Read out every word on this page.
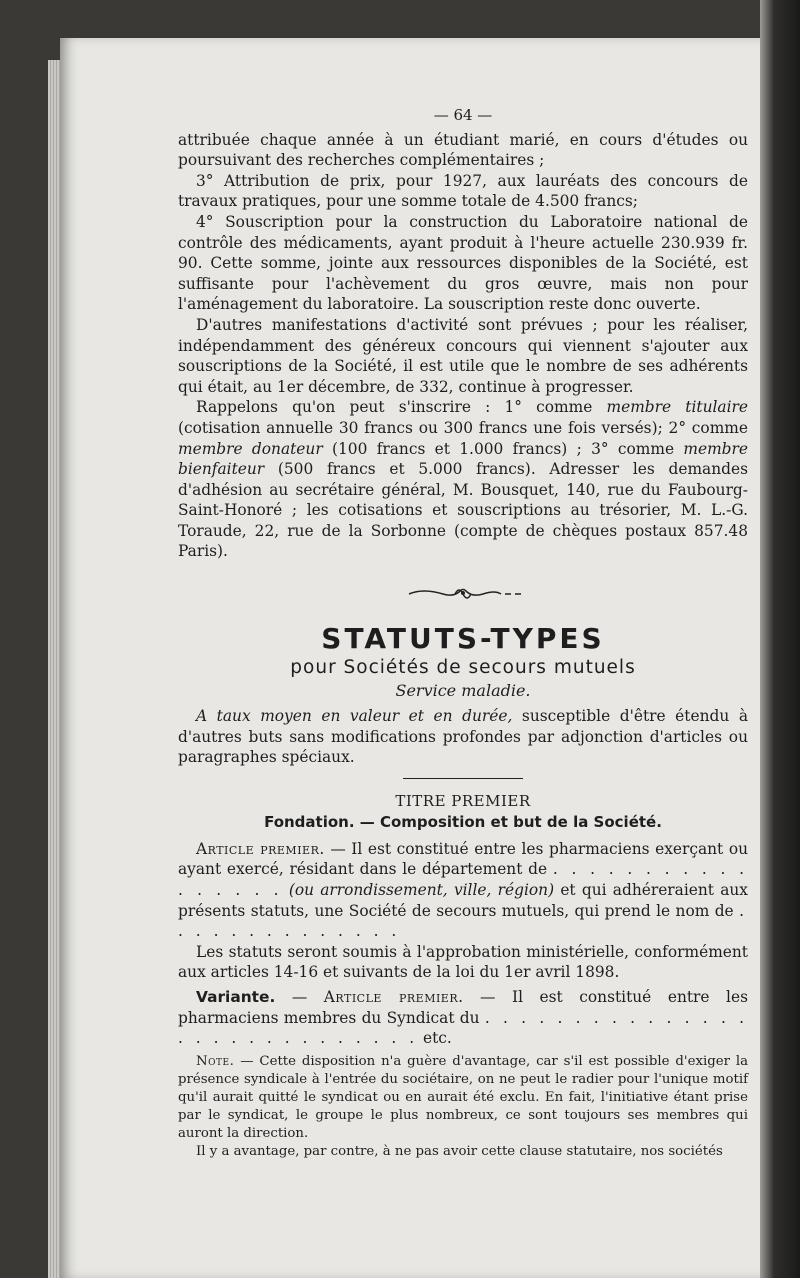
— 64 —

attribuée chaque année à un étudiant marié, en cours d'études ou poursuivant des recherches complémentaires ;

3° Attribution de prix, pour 1927, aux lauréats des concours de travaux pratiques, pour une somme totale de 4.500 francs;

4° Souscription pour la construction du Laboratoire national de contrôle des médicaments, ayant produit à l'heure actuelle 230.939 fr. 90. Cette somme, jointe aux ressources disponibles de la Société, est suffisante pour l'achèvement du gros œuvre, mais non pour l'aménagement du laboratoire. La souscription reste donc ouverte.

D'autres manifestations d'activité sont prévues ; pour les réaliser, indépendamment des généreux concours qui viennent s'ajouter aux souscriptions de la Société, il est utile que le nombre de ses adhérents qui était, au 1er décembre, de 332, continue à progresser.

Rappelons qu'on peut s'inscrire : 1° comme membre titulaire (cotisation annuelle 30 francs ou 300 francs une fois versés); 2° comme membre donateur (100 francs et 1.000 francs) ; 3° comme membre bienfaiteur (500 francs et 5.000 francs). Adresser les demandes d'adhésion au secrétaire général, M. Bousquet, 140, rue du Faubourg-Saint-Honoré ; les cotisations et souscriptions au trésorier, M. L.-G. Toraude, 22, rue de la Sorbonne (compte de chèques postaux 857.48 Paris).

STATUTS-TYPES
pour Sociétés de secours mutuels
Service maladie.

A taux moyen en valeur et en durée, susceptible d'être étendu à d'autres buts sans modifications profondes par adjonction d'articles ou paragraphes spéciaux.

TITRE PREMIER
Fondation. — Composition et but de la Société.

Article premier. — Il est constitué entre les pharmaciens exerçant ou ayant exercé, résidant dans le département de . . . . . . . . . . . . . . . . . (ou arrondissement, ville, région) et qui adhéreraient aux présents statuts, une Société de secours mutuels, qui prend le nom de . . . . . . . . . . . . . .

Les statuts seront soumis à l'approbation ministérielle, conformément aux articles 14-16 et suivants de la loi du 1er avril 1898.

Variante. — Article premier. — Il est constitué entre les pharmaciens membres du Syndicat du . . . . . . . . . . . . . . . . . . . . . . . . . . . . . etc.

Note. — Cette disposition n'a guère d'avantage, car s'il est possible d'exiger la présence syndicale à l'entrée du sociétaire, on ne peut le radier pour l'unique motif qu'il aurait quitté le syndicat ou en aurait été exclu. En fait, l'initiative étant prise par le syndicat, le groupe le plus nombreux, ce sont toujours ses membres qui auront la direction.

Il y a avantage, par contre, à ne pas avoir cette clause statutaire, nos sociétés
